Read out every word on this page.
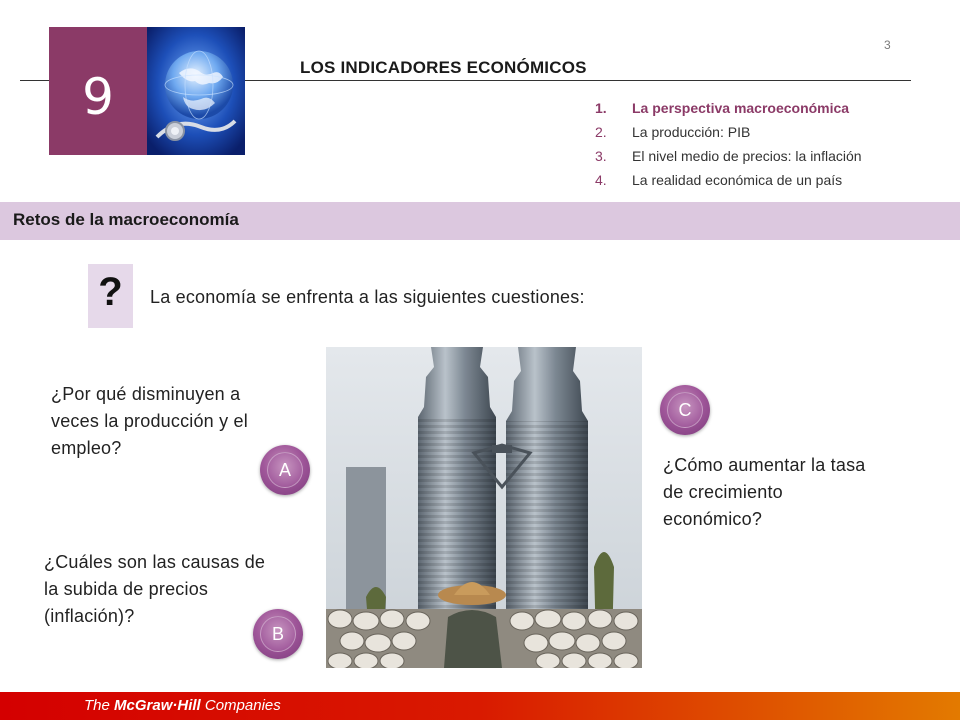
3
9
LOS INDICADORES ECONÓMICOS
1. La perspectiva macroeconómica
2. La producción: PIB
3. El nivel medio de precios: la inflación
4. La realidad económica de un país
Retos de la macroeconomía
?	La economía se enfrenta a las siguientes cuestiones:
¿Por qué disminuyen a veces la producción y el empleo?
¿Cuáles son las causas de la subida de precios (inflación)?
¿Cómo aumentar la tasa de crecimiento económico?
A
B
C
The McGraw·Hill Companies
